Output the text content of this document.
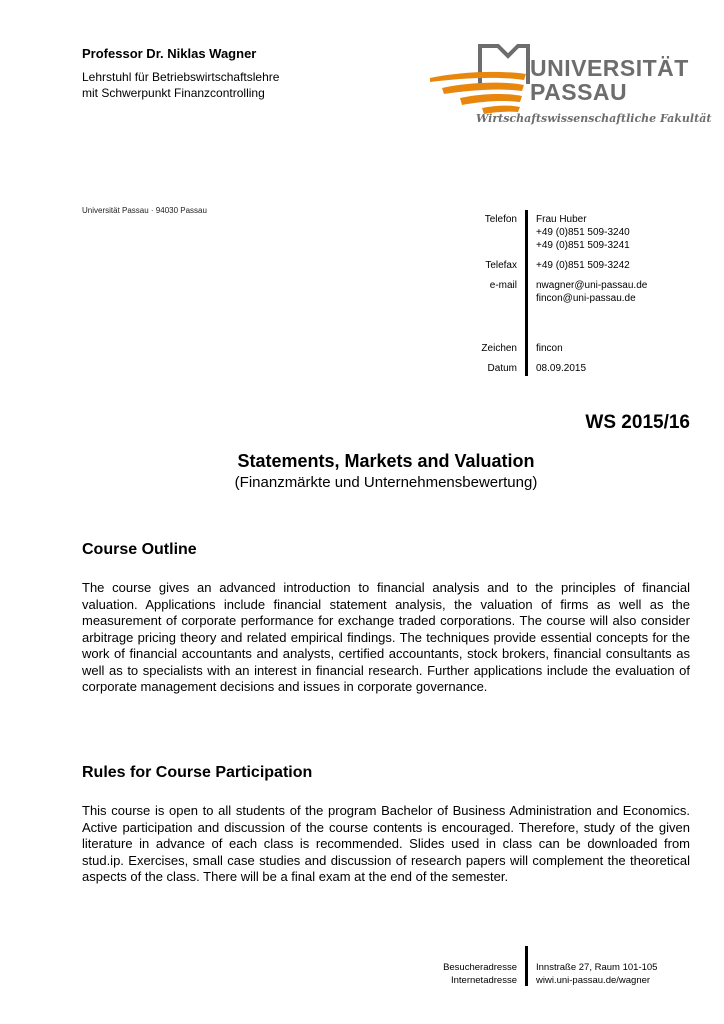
Professor Dr. Niklas Wagner
Lehrstuhl für Betriebswirtschaftslehre
mit Schwerpunkt Finanzcontrolling
UNIVERSITÄT
PASSAU
Wirtschaftswissenschaftliche Fakultät
Universität Passau · 94030 Passau
Telefon Frau Huber
+49 (0)851 509-3240
+49 (0)851 509-3241
Telefax +49 (0)851 509-3242
e-mail nwagner@uni-passau.de
fincon@uni-passau.de
Zeichen fincon
Datum 08.09.2015
WS 2015/16
Statements, Markets and Valuation
(Finanzmärkte und Unternehmensbewertung)
Course Outline
The course gives an advanced introduction to financial analysis and to the principles of financial valuation. Applications include financial statement analysis, the valuation of firms as well as the measurement of corporate performance for exchange traded corporations. The course will also consider arbitrage pricing theory and related empirical findings. The techniques provide essential concepts for the work of financial accountants and analysts, certified accountants, stock brokers, financial consultants as well as to specialists with an interest in financial research. Further applications include the evaluation of corporate management decisions and issues in corporate governance.
Rules for Course Participation
This course is open to all students of the program Bachelor of Business Administration and Economics. Active participation and discussion of the course contents is encouraged. Therefore, study of the given literature in advance of each class is recommended. Slides used in class can be downloaded from stud.ip. Exercises, small case studies and discussion of research papers will complement the theoretical aspects of the class. There will be a final exam at the end of the semester.
Besucheradresse Innstraße 27, Raum 101-105
Internetadresse wiwi.uni-passau.de/wagner
